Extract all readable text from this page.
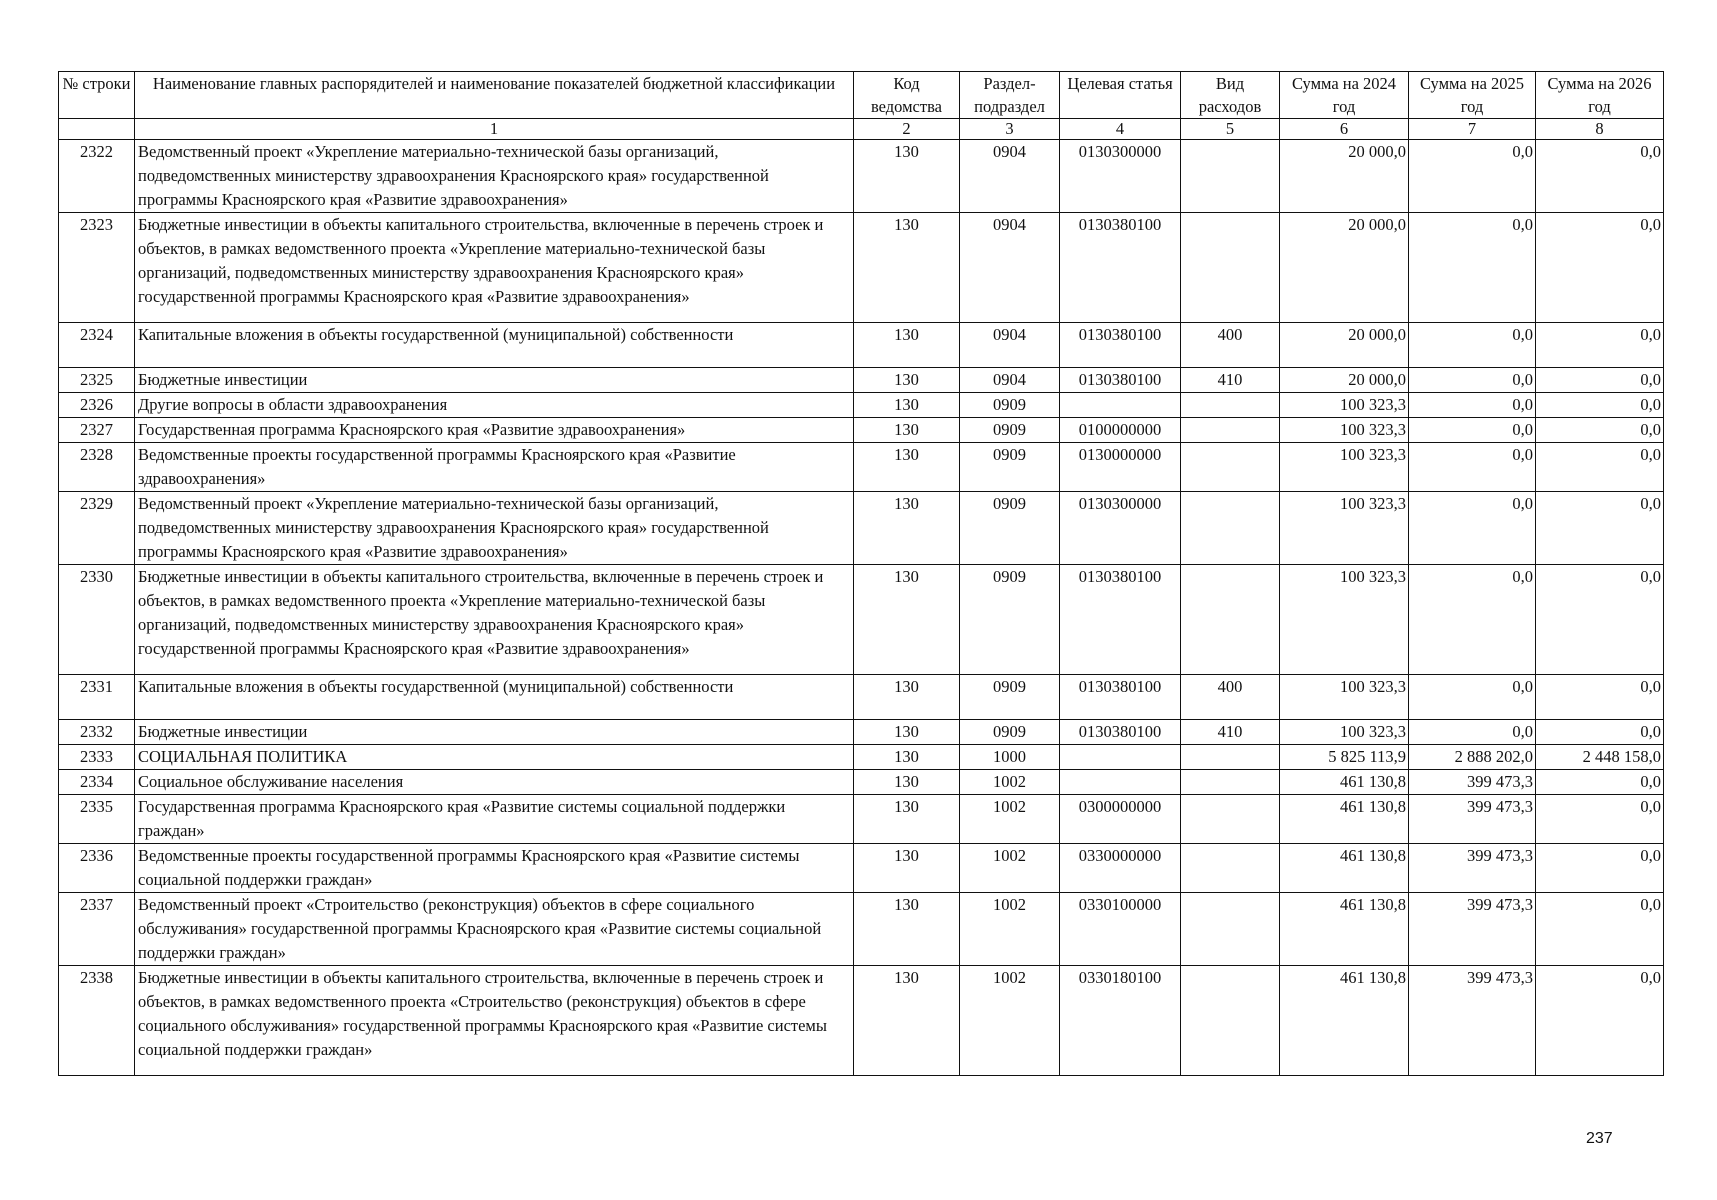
№ строки	Наименование главных распорядителей и наименование показателей бюджетной классификации	Код ведомства	Раздел-подраздел	Целевая статья	Вид расходов	Сумма на 2024 год	Сумма на 2025 год	Сумма на 2026 год
	1	2	3	4	5	6	7	8
2322	Ведомственный проект «Укрепление материально-технической базы организаций, подведомственных министерству здравоохранения Красноярского края» государственной программы Красноярского края «Развитие здравоохранения»	130	0904	0130300000		20 000,0	0,0	0,0
2323	Бюджетные инвестиции в объекты капитального строительства, включенные в перечень строек и объектов, в рамках ведомственного проекта «Укрепление материально-технической базы организаций, подведомственных министерству здравоохранения Красноярского края» государственной программы Красноярского края «Развитие здравоохранения»	130	0904	0130380100		20 000,0	0,0	0,0
2324	Капитальные вложения в объекты государственной (муниципальной) собственности	130	0904	0130380100	400	20 000,0	0,0	0,0
2325	Бюджетные инвестиции	130	0904	0130380100	410	20 000,0	0,0	0,0
2326	Другие вопросы в области здравоохранения	130	0909			100 323,3	0,0	0,0
2327	Государственная программа Красноярского края «Развитие здравоохранения»	130	0909	0100000000		100 323,3	0,0	0,0
2328	Ведомственные проекты государственной программы Красноярского края «Развитие здравоохранения»	130	0909	0130000000		100 323,3	0,0	0,0
2329	Ведомственный проект «Укрепление материально-технической базы организаций, подведомственных министерству здравоохранения Красноярского края» государственной программы Красноярского края «Развитие здравоохранения»	130	0909	0130300000		100 323,3	0,0	0,0
2330	Бюджетные инвестиции в объекты капитального строительства, включенные в перечень строек и объектов, в рамках ведомственного проекта «Укрепление материально-технической базы организаций, подведомственных министерству здравоохранения Красноярского края» государственной программы Красноярского края «Развитие здравоохранения»	130	0909	0130380100		100 323,3	0,0	0,0
2331	Капитальные вложения в объекты государственной (муниципальной) собственности	130	0909	0130380100	400	100 323,3	0,0	0,0
2332	Бюджетные инвестиции	130	0909	0130380100	410	100 323,3	0,0	0,0
2333	СОЦИАЛЬНАЯ ПОЛИТИКА	130	1000			5 825 113,9	2 888 202,0	2 448 158,0
2334	Социальное обслуживание населения	130	1002			461 130,8	399 473,3	0,0
2335	Государственная программа Красноярского края «Развитие системы социальной поддержки граждан»	130	1002	0300000000		461 130,8	399 473,3	0,0
2336	Ведомственные проекты государственной программы Красноярского края «Развитие системы социальной поддержки граждан»	130	1002	0330000000		461 130,8	399 473,3	0,0
2337	Ведомственный проект «Строительство (реконструкция) объектов в сфере социального обслуживания» государственной программы Красноярского края «Развитие системы социальной поддержки граждан»	130	1002	0330100000		461 130,8	399 473,3	0,0
2338	Бюджетные инвестиции в объекты капитального строительства, включенные в перечень строек и объектов, в рамках ведомственного проекта «Строительство (реконструкция) объектов в сфере социального обслуживания» государственной программы Красноярского края «Развитие системы социальной поддержки граждан»	130	1002	0330180100		461 130,8	399 473,3	0,0
237
